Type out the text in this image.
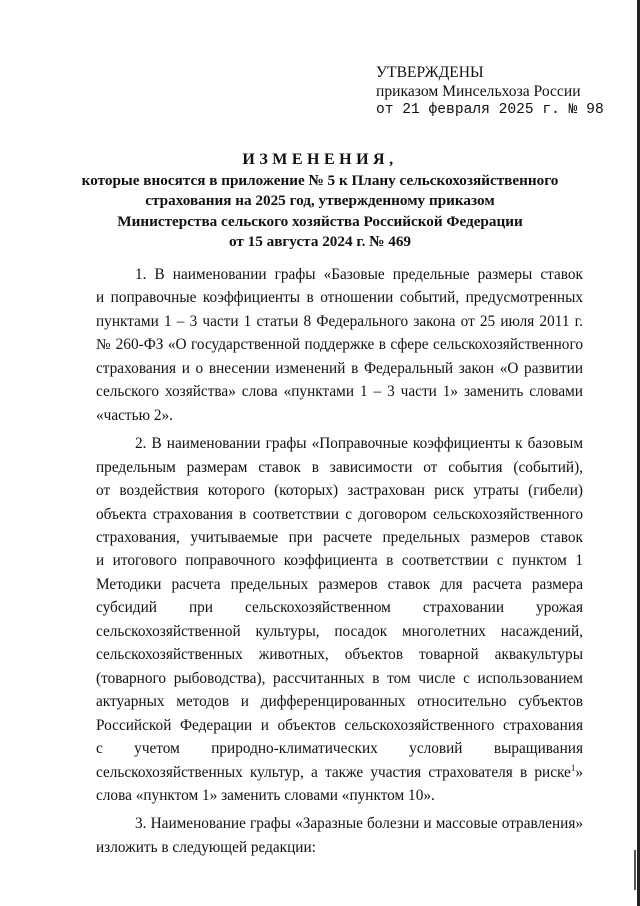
УТВЕРЖДЕНЫ
приказом Минсельхоза России
от 21 февраля 2025 г. № 98
ИЗМЕНЕНИЯ,
которые вносятся в приложение № 5 к Плану сельскохозяйственного
страхования на 2025 год, утвержденному приказом
Министерства сельского хозяйства Российской Федерации
от 15 августа 2024 г. № 469
1. В наименовании графы «Базовые предельные размеры ставок
и поправочные коэффициенты в отношении событий, предусмотренных
пунктами 1 – 3 части 1 статьи 8 Федерального закона от 25 июля 2011 г.
№ 260-ФЗ «О государственной поддержке в сфере сельскохозяйственного
страхования и о внесении изменений в Федеральный закон «О развитии
сельского хозяйства» слова «пунктами 1 – 3 части 1» заменить словами
«частью 2».
2. В наименовании графы «Поправочные коэффициенты к базовым
предельным размерам ставок в зависимости от события (событий),
от воздействия которого (которых) застрахован риск утраты (гибели)
объекта страхования в соответствии с договором сельскохозяйственного
страхования, учитываемые при расчете предельных размеров ставок
и итогового поправочного коэффициента в соответствии с пунктом 1
Методики расчета предельных размеров ставок для расчета размера
субсидий при сельскохозяйственном страховании урожая
сельскохозяйственной культуры, посадок многолетних насаждений,
сельскохозяйственных животных, объектов товарной аквакультуры
(товарного рыбоводства), рассчитанных в том числе с использованием
актуарных методов и дифференцированных относительно субъектов
Российской Федерации и объектов сельскохозяйственного страхования
с учетом природно-климатических условий выращивания
сельскохозяйственных культур, а также участия страхователя в риске$^1$»
слова «пунктом 1» заменить словами «пунктом 10».
3. Наименование графы «Заразные болезни и массовые отравления»
изложить в следующей редакции:
